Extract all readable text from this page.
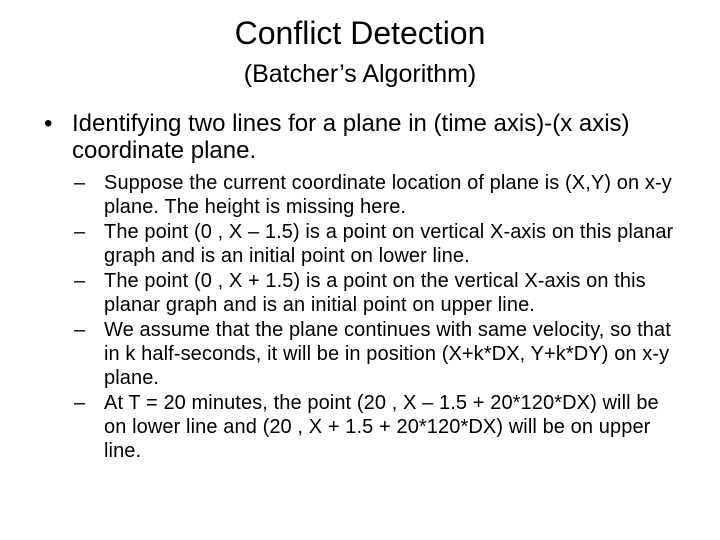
Conflict Detection
(Batcher’s Algorithm)
• Identifying two lines for a plane in (time axis)-(x axis) coordinate plane.
– Suppose the current coordinate location of plane is (X,Y) on x-y plane. The height is missing here.
– The point (0 , X – 1.5) is a point on vertical X-axis on this planar graph and is an initial point on lower line.
– The point (0 , X + 1.5) is a point on the vertical X-axis on this planar graph and is an initial point on upper line.
– We assume that the plane continues with same velocity, so that in k half-seconds, it will be in position (X+k*DX, Y+k*DY) on x-y plane.
– At T = 20 minutes, the point (20 , X – 1.5 + 20*120*DX) will be on lower line and (20 , X + 1.5 + 20*120*DX) will be on upper line.
